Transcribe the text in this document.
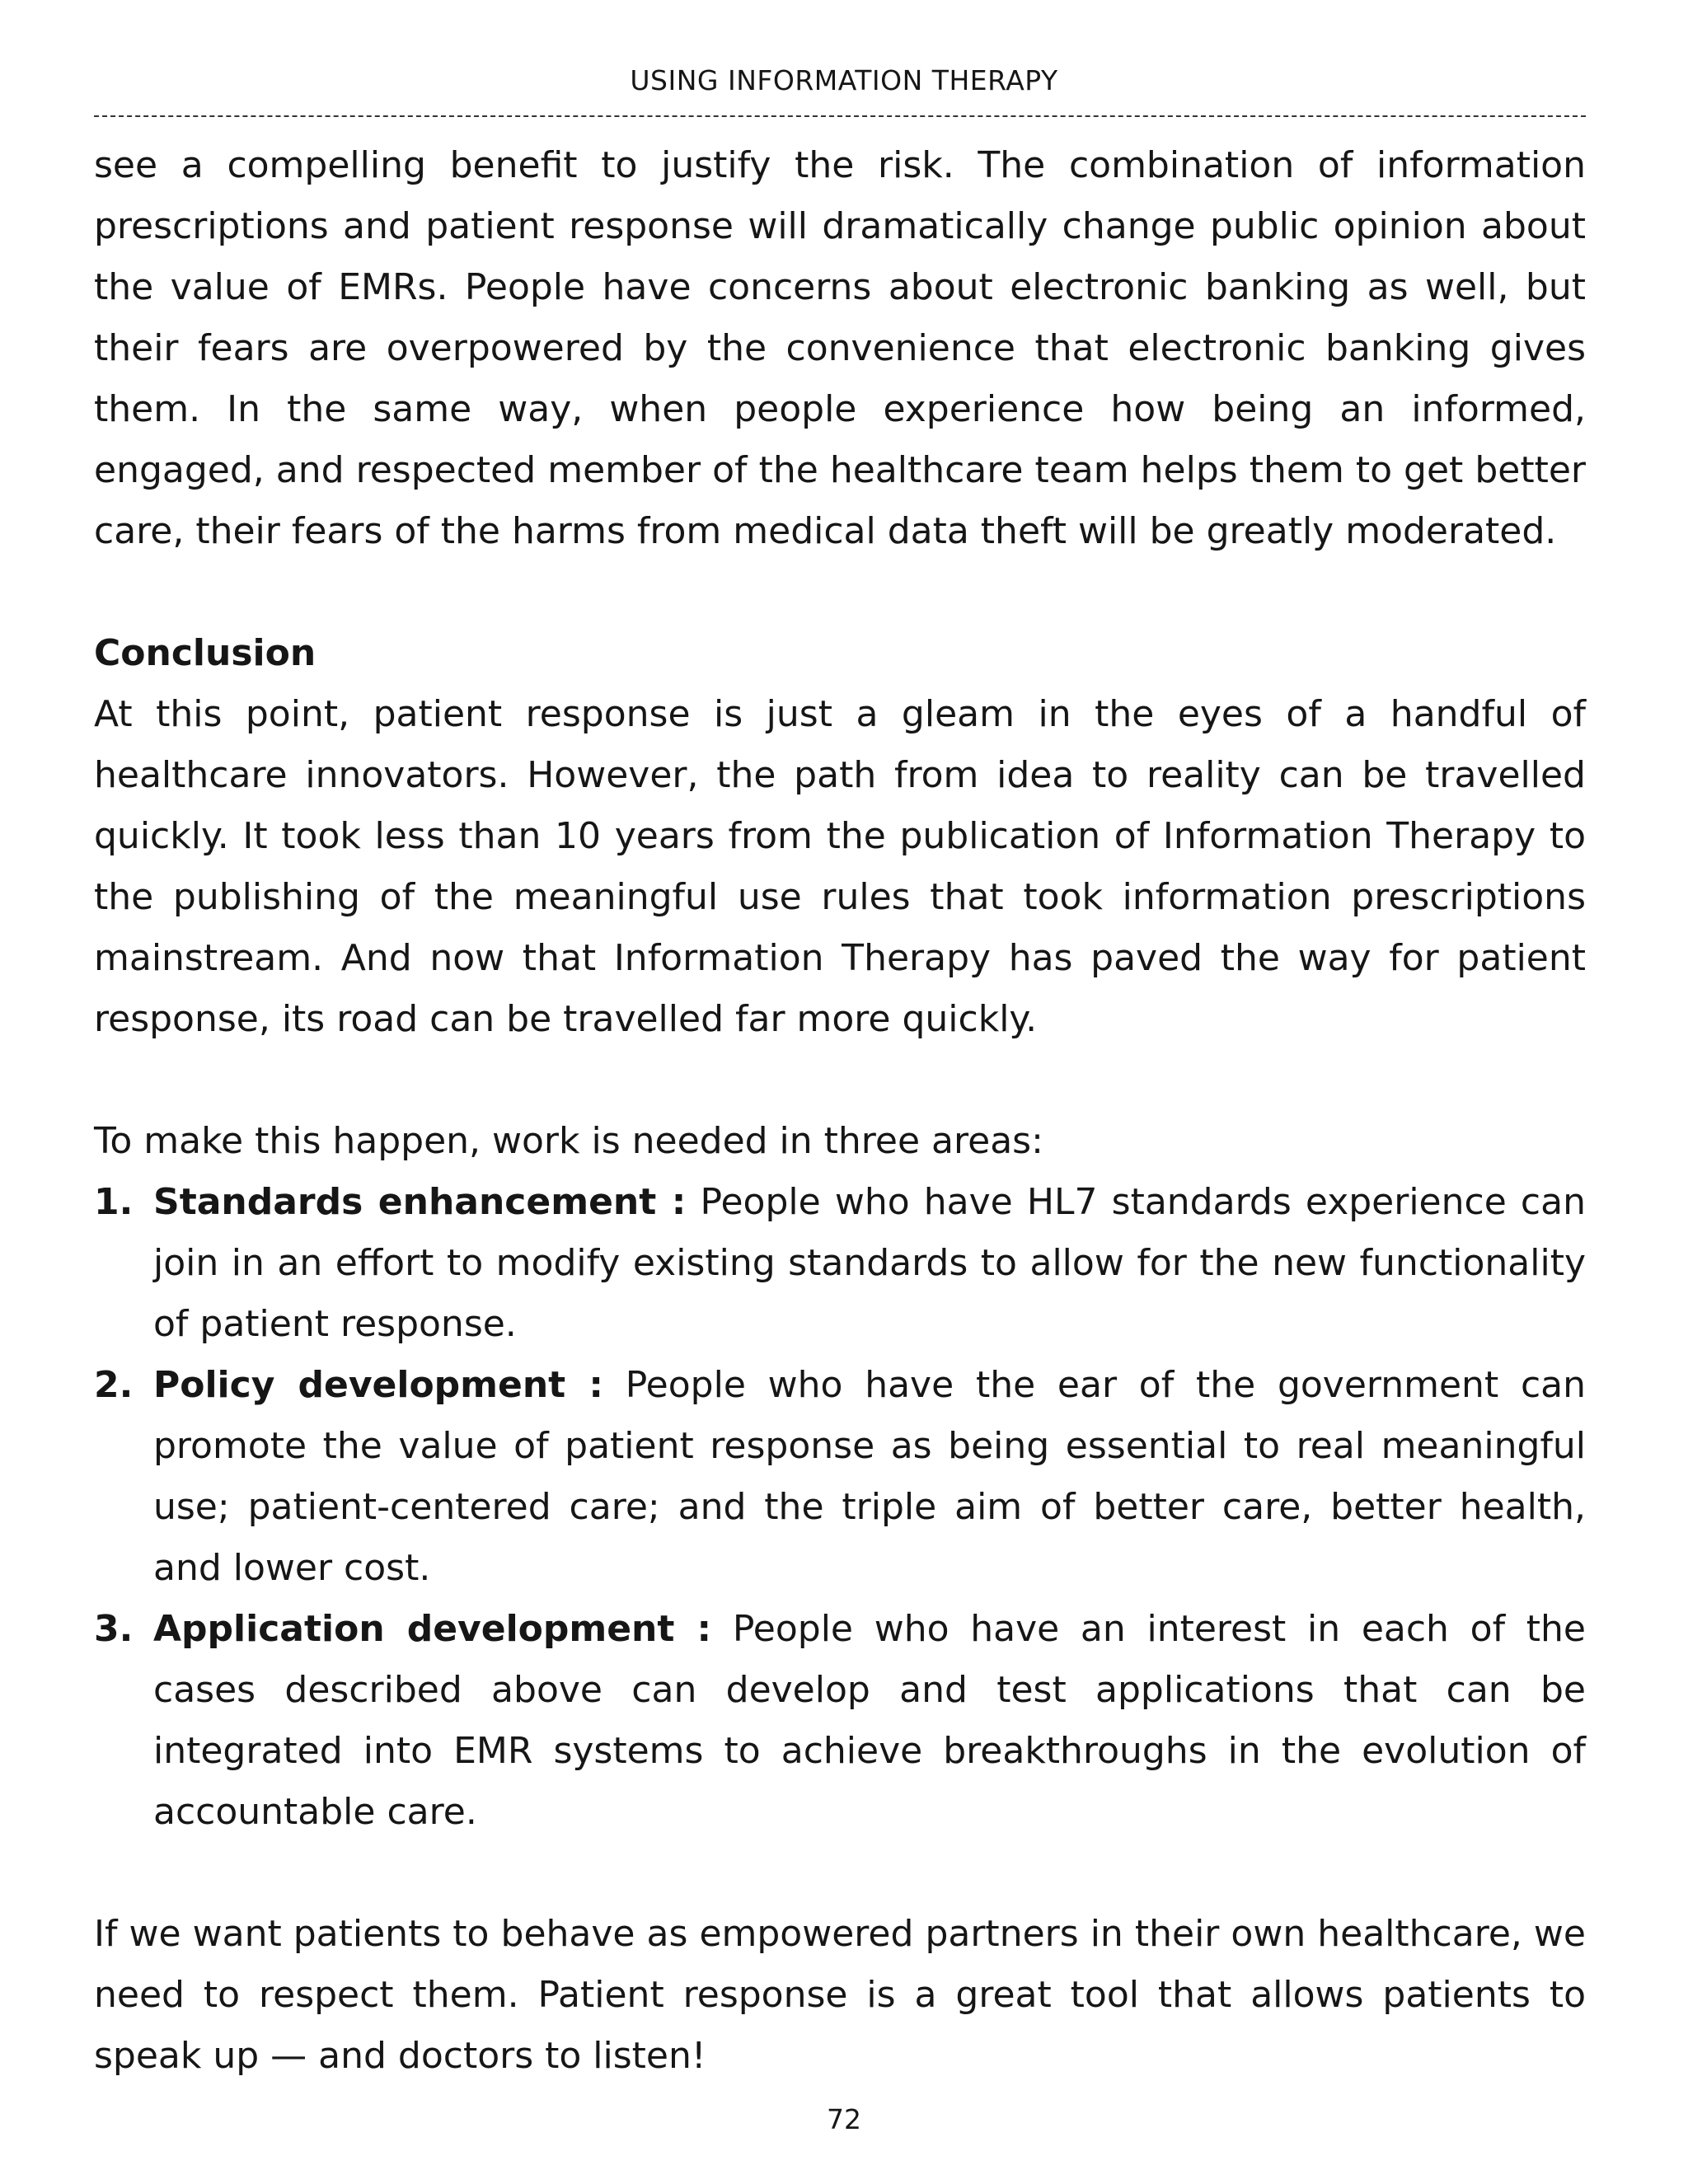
USING INFORMATION THERAPY

see a compelling benefit to justify the risk. The combination of information prescriptions and patient response will dramatically change public opinion about the value of EMRs. People have concerns about electronic banking as well, but their fears are overpowered by the convenience that electronic banking gives them. In the same way, when people experience how being an informed, engaged, and respected member of the healthcare team helps them to get better care, their fears of the harms from medical data theft will be greatly moderated.

Conclusion

At this point, patient response is just a gleam in the eyes of a handful of healthcare innovators. However, the path from idea to reality can be travelled quickly. It took less than 10 years from the publication of Information Therapy to the publishing of the meaningful use rules that took information prescriptions mainstream. And now that Information Therapy has paved the way for patient response, its road can be travelled far more quickly.

To make this happen, work is needed in three areas:

1. Standards enhancement : People who have HL7 standards experience can join in an effort to modify existing standards to allow for the new functionality of patient response.
2. Policy development : People who have the ear of the government can promote the value of patient response as being essential to real meaningful use; patient-centered care; and the triple aim of better care, better health, and lower cost.
3. Application development : People who have an interest in each of the cases described above can develop and test applications that can be integrated into EMR systems to achieve breakthroughs in the evolution of accountable care.

If we want patients to behave as empowered partners in their own healthcare, we need to respect them. Patient response is a great tool that allows patients to speak up — and doctors to listen!

72
